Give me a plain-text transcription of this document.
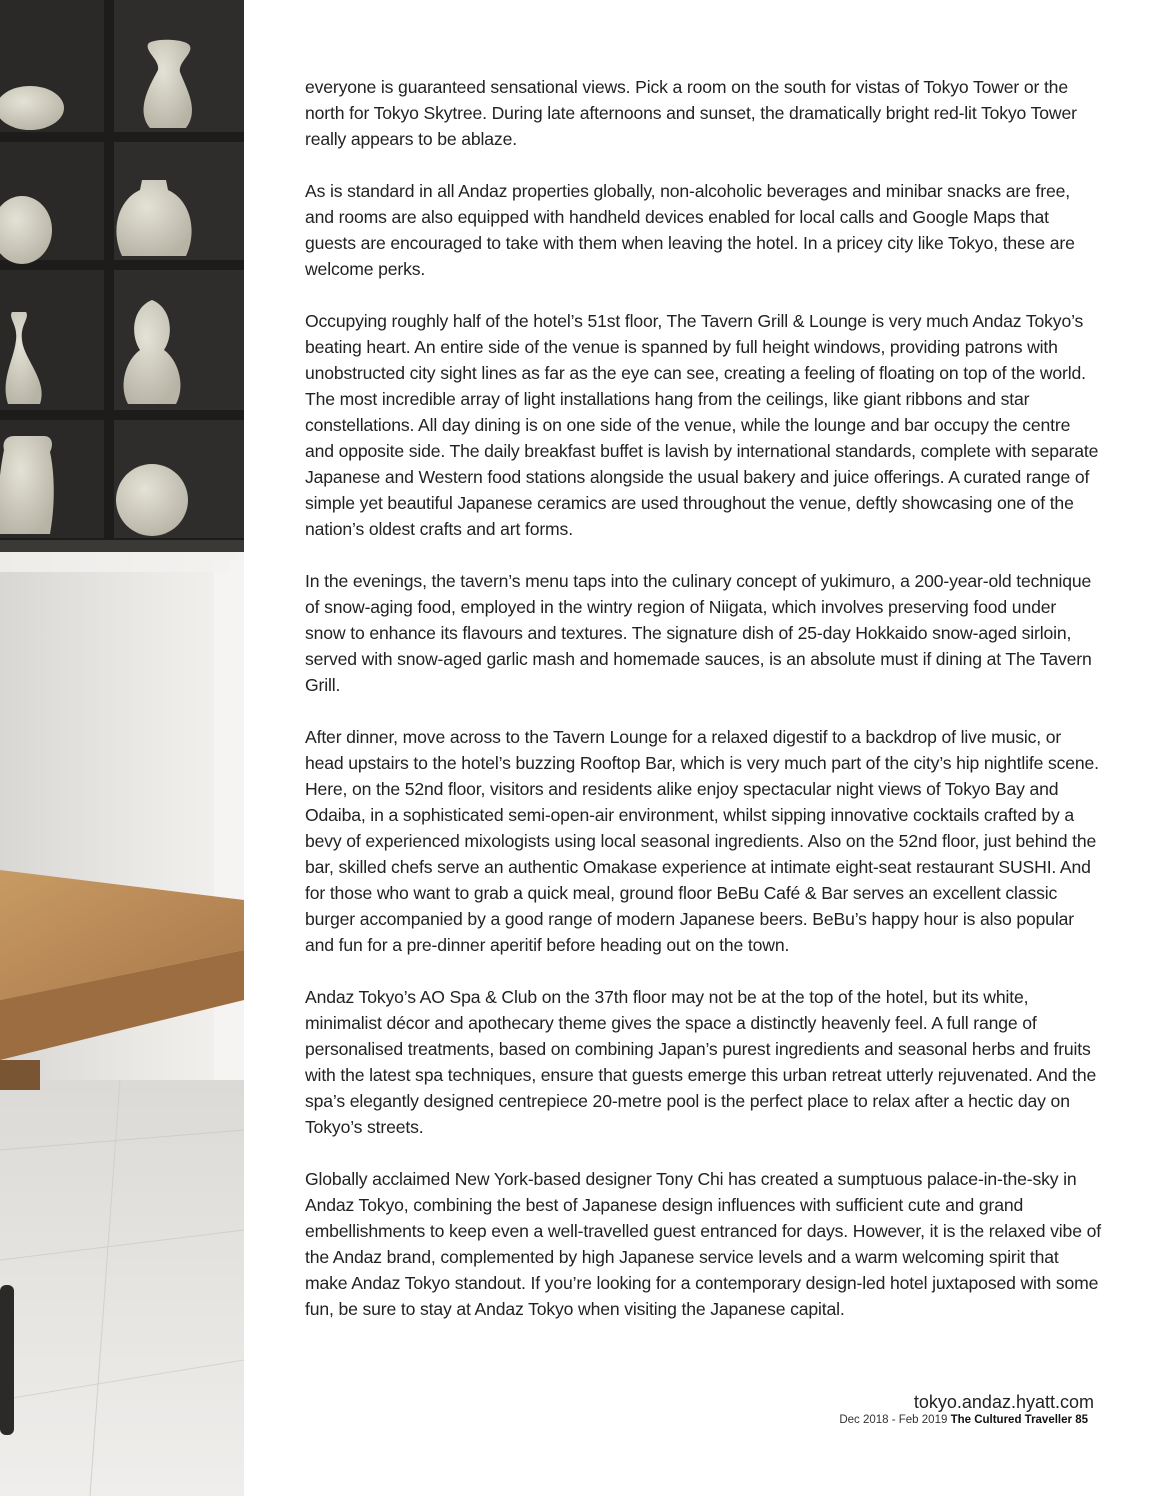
everyone is guaranteed sensational views. Pick a room on the south for vistas of Tokyo Tower or the north for Tokyo Skytree. During late afternoons and sunset, the dramatically bright red-lit Tokyo Tower really appears to be ablaze.

As is standard in all Andaz properties globally, non-alcoholic beverages and minibar snacks are free, and rooms are also equipped with handheld devices enabled for local calls and Google Maps that guests are encouraged to take with them when leaving the hotel. In a pricey city like Tokyo, these are welcome perks.

Occupying roughly half of the hotel’s 51st floor, The Tavern Grill & Lounge is very much Andaz Tokyo’s beating heart. An entire side of the venue is spanned by full height windows, providing patrons with unobstructed city sight lines as far as the eye can see, creating a feeling of floating on top of the world. The most incredible array of light installations hang from the ceilings, like giant ribbons and star constellations. All day dining is on one side of the venue, while the lounge and bar occupy the centre and opposite side. The daily breakfast buffet is lavish by international standards, complete with separate Japanese and Western food stations alongside the usual bakery and juice offerings. A curated range of simple yet beautiful Japanese ceramics are used throughout the venue, deftly showcasing one of the nation’s oldest crafts and art forms.

In the evenings, the tavern’s menu taps into the culinary concept of yukimuro, a 200-year-old technique of snow-aging food, employed in the wintry region of Niigata, which involves preserving food under snow to enhance its flavours and textures. The signature dish of 25-day Hokkaido snow-aged sirloin, served with snow-aged garlic mash and homemade sauces, is an absolute must if dining at The Tavern Grill.

After dinner, move across to the Tavern Lounge for a relaxed digestif to a backdrop of live music, or head upstairs to the hotel’s buzzing Rooftop Bar, which is very much part of the city’s hip nightlife scene. Here, on the 52nd floor, visitors and residents alike enjoy spectacular night views of Tokyo Bay and Odaiba, in a sophisticated semi-open-air environment, whilst sipping innovative cocktails crafted by a bevy of experienced mixologists using local seasonal ingredients. Also on the 52nd floor, just behind the bar, skilled chefs serve an authentic Omakase experience at intimate eight-seat restaurant SUSHI. And for those who want to grab a quick meal, ground floor BeBu Café & Bar serves an excellent classic burger accompanied by a good range of modern Japanese beers. BeBu’s happy hour is also popular and fun for a pre-dinner aperitif before heading out on the town.

Andaz Tokyo’s AO Spa & Club on the 37th floor may not be at the top of the hotel, but its white, minimalist décor and apothecary theme gives the space a distinctly heavenly feel. A full range of personalised treatments, based on combining Japan’s purest ingredients and seasonal herbs and fruits with the latest spa techniques, ensure that guests emerge this urban retreat utterly rejuvenated. And the spa’s elegantly designed centrepiece 20-metre pool is the perfect place to relax after a hectic day on Tokyo’s streets.

Globally acclaimed New York-based designer Tony Chi has created a sumptuous palace-in-the-sky in Andaz Tokyo, combining the best of Japanese design influences with sufficient cute and grand embellishments to keep even a well-travelled guest entranced for days. However, it is the relaxed vibe of the Andaz brand, complemented by high Japanese service levels and a warm welcoming spirit that make Andaz Tokyo standout. If you’re looking for a contemporary design-led hotel juxtaposed with some fun, be sure to stay at Andaz Tokyo when visiting the Japanese capital.

tokyo.andaz.hyatt.com

Dec 2018 - Feb 2019 The Cultured Traveller 85
